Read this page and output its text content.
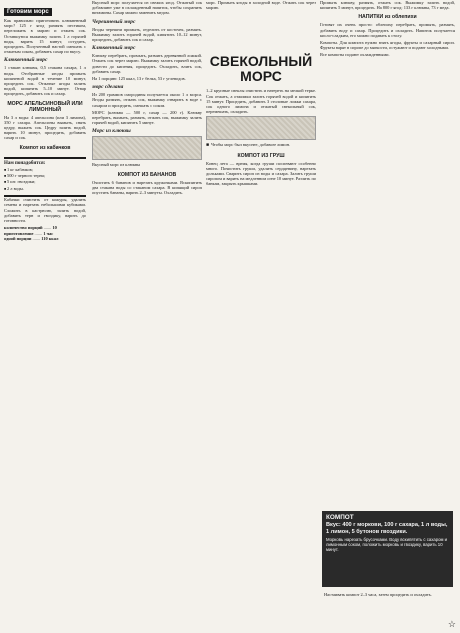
Готовим морс

Как правильно приготовить клюквенный морс? 125 г ягод размять пестиком, переложить в марлю и отжать сок. Оставшуюся выжимку залить 1 л горячей воды, варить 15 минут, остудить, процедить. Полученный настой смешать с отжатым соком, добавить сахар по вкусу.

Клюквенный морс

1 стакан клюквы, 0,5 стакана сахара, 1 л воды. Отобранные ягоды промыть кипяченой водой в течение 10 минут, процедить сок. Отжатые ягоды залить водой, кипятить 5–10 минут. Отвар процедить, добавить сок и сахар.

МОРС АПЕЛЬСИНОВЫЙ ИЛИ ЛИМОННЫЙ

На 3 л воды: 4 апельсина (или 3 лимона), 350 г сахара. Апельсины вымыть, снять цедру, выжать сок. Цедру залить водой, варить 10 минут, процедить, добавить сахар и сок.

Компот из кабачков
Нам понадобится:
■ 1 кг кабачков;
■ 500 г черного терна;
■ 5 шт. гвоздики;
■ 2 л воды.

Кабачки очистить от кожуры, удалить семена и нарезать небольшими кубиками. Сложить в кастрюлю, залить водой, добавить терн и гвоздику, варить до готовности.

количество порций ....... 10
приготовление ....... 1 час
одной порции ....... 110 ккал

Вкусный морс получается из свежих ягод. Отжатый сок добавляют уже в охлажденный напиток, чтобы сохранить витамины. Сахар можно заменить медом.

Черешневый морс

Ягоды черешни промыть, отделить от косточек, размять. Выжимку залить горячей водой, кипятить 10–12 минут, процедить, добавить сок и сахар.

Клюквенный морс

Клюкву перебрать, промыть, размять деревянной ложкой. Отжать сок через марлю. Выжимку залить горячей водой, довести до кипения, процедить. Охладить, влить сок, добавить сахар.

На 1 порцию: 125 ккал, 13 г белка, 53 г углеводов.

морс сделана

Из 200 граммов смородины получается около 1 л морса. Ягоды размять, отжать сок, выжимку отварить в воде с сахаром и процедить, смешать с соком.

МОРС (клюква — 500 г, сахар — 200 г). Клюкву перебрать, вымыть, размять, отжать сок, выжимку залить горячей водой, кипятить 5 минут.

Морс из клюквы

Вкусный морс из клюквы

КОМПОТ ИЗ БАНАНОВ

Очистить 6 бананов и нарезать кружочками. Вскипятить два стакана воды со стаканом сахара. В кипящий сироп опустить бананы, варить 2–3 минуты. Охладить.

морс. Промыть ягоды в холодной воде. Отжать сок через марлю.

СВЕКОЛЬНЫЙ МОРС

1–2 крупные свеклы очистить и натереть на мелкой терке. Сок отжать, а отжимки залить горячей водой и кипятить 15 минут. Процедить, добавить 3 столовые ложки сахара, сок одного лимона и отжатый свекольный сок, перемешать, охладить.

■ Чтобы морс был вкуснее, добавьте лимон.

КОМПОТ ИЗ ГРУШ

Конец лета — время, когда груши поспевают особенно много. Почистить груши, удалить сердцевину, нарезать дольками. Сварить сироп из воды и сахара. Залить груши сиропом и варить на медленном огне 10 минут. Разлить по банкам, закрыть крышками.

Промыть клюкву, размять, отжать сок. Выжимку залить водой, кипятить 5 минут, процедить. На 800 г ягод: 133 г клюквы, 73 г меда.

НАПИТКИ из облепихи

Готовят их очень просто: облепиху перебрать, промыть, размять, добавить воду и сахар. Процедить и охладить. Напиток получается кисло-сладким, его можно подавать к столу.

Компоты. Для компота нужно взять ягоды, фрукты и сахарный сироп. Фрукты варят в сиропе до мягкости, остужают и подают холодными.

Все компоты подают охлажденными.

КОМПОТ
Вкус: 400 г моркови, 100 г сахара, 1 л воды, 1 лимон, 5 бутонов гвоздики.
Морковь нарезать брусочками. Воду вскипятить с сахаром и лимонным соком, положить морковь и гвоздику, варить 10 минут.

Настаивать компот 2–3 часа, затем процедить и охладить.

☆
